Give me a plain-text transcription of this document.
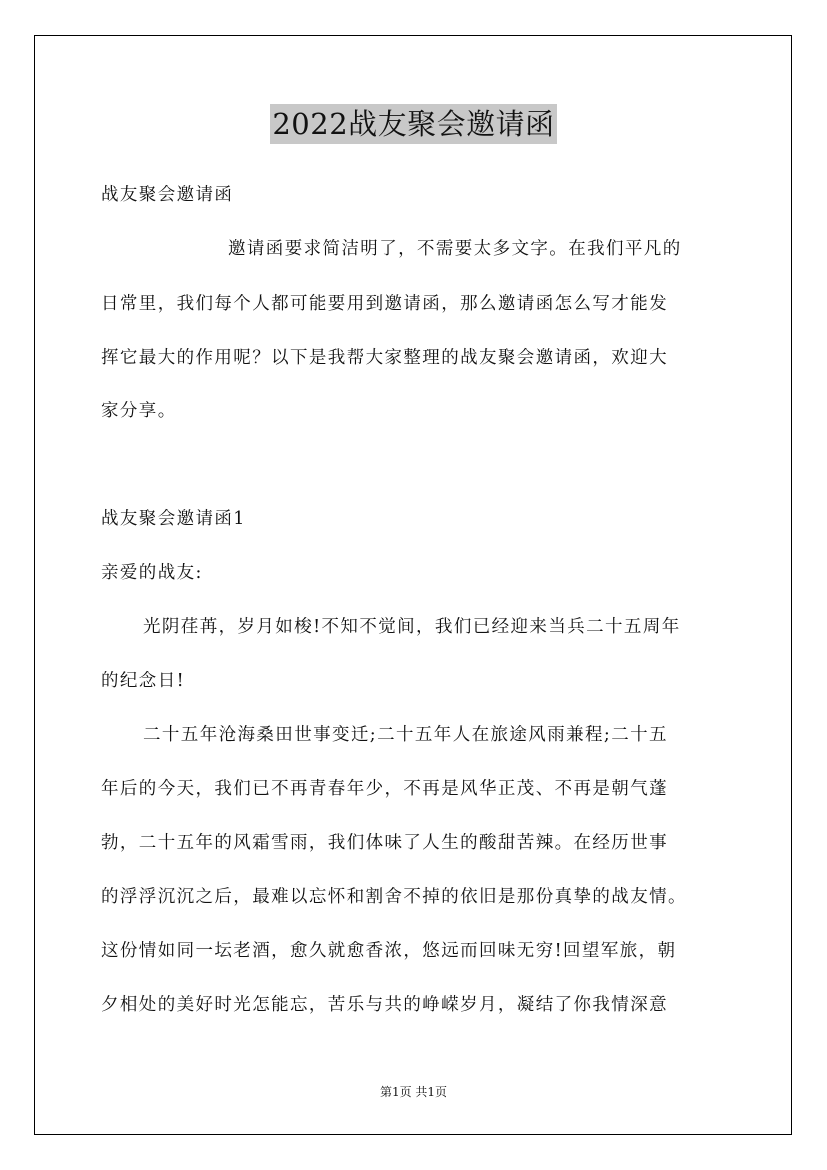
2022战友聚会邀请函
战友聚会邀请函
邀请函要求简洁明了，不需要太多文字。在我们平凡的
日常里，我们每个人都可能要用到邀请函，那么邀请函怎么写才能发
挥它最大的作用呢？以下是我帮大家整理的战友聚会邀请函，欢迎大
家分享。
战友聚会邀请函1
亲爱的战友:
光阴荏苒，岁月如梭!不知不觉间，我们已经迎来当兵二十五周年
的纪念日!
二十五年沧海桑田世事变迁;二十五年人在旅途风雨兼程;二十五
年后的今天，我们已不再青春年少，不再是风华正茂、不再是朝气蓬
勃，二十五年的风霜雪雨，我们体味了人生的酸甜苦辣。在经历世事
的浮浮沉沉之后，最难以忘怀和割舍不掉的依旧是那份真挚的战友情。
这份情如同一坛老酒，愈久就愈香浓，悠远而回味无穷!回望军旅，朝
夕相处的美好时光怎能忘，苦乐与共的峥嵘岁月，凝结了你我情深意
第1页 共1页
